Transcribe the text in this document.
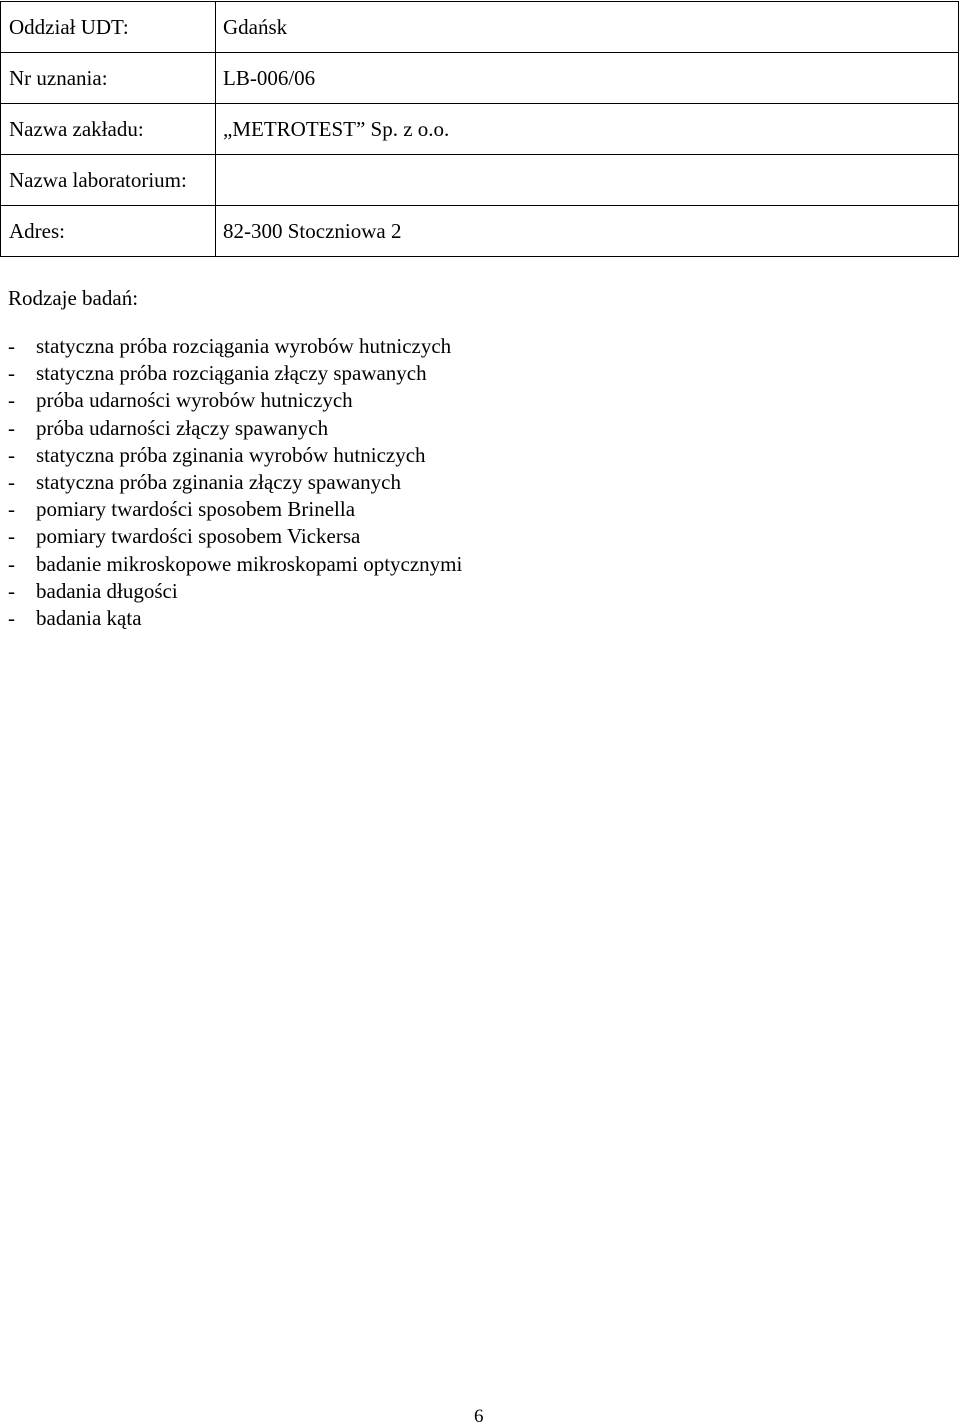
Oddział UDT:	Gdańsk
Nr uznania:	LB-006/06
Nazwa zakładu:	„METROTEST” Sp. z o.o.
Nazwa laboratorium:	
Adres:	82-300 Stoczniowa 2
Rodzaje badań:
-	statyczna próba rozciągania wyrobów hutniczych
-	statyczna próba rozciągania złączy spawanych
-	próba udarności wyrobów hutniczych
-	próba udarności złączy spawanych
-	statyczna próba zginania wyrobów hutniczych
-	statyczna próba zginania złączy spawanych
-	pomiary twardości sposobem Brinella
-	pomiary twardości sposobem Vickersa
-	badanie mikroskopowe mikroskopami optycznymi
-	badania długości
-	badania kąta
6
